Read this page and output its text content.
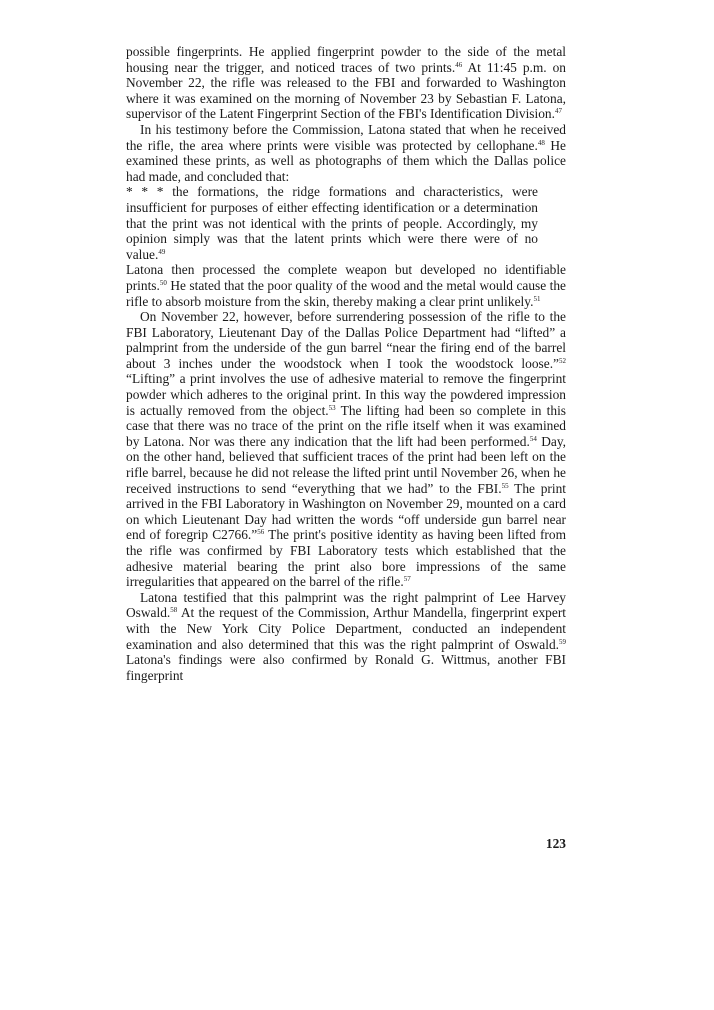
possible fingerprints. He applied fingerprint powder to the side of the metal housing near the trigger, and noticed traces of two prints.$^{46}$ At 11:45 p.m. on November 22, the rifle was released to the FBI and forwarded to Washington where it was examined on the morning of November 23 by Sebastian F. Latona, supervisor of the Latent Fingerprint Section of the FBI's Identification Division.$^{47}$

In his testimony before the Commission, Latona stated that when he received the rifle, the area where prints were visible was protected by cellophane.$^{48}$ He examined these prints, as well as photographs of them which the Dallas police had made, and concluded that:

* * * the formations, the ridge formations and characteristics, were insufficient for purposes of either effecting identification or a determination that the print was not identical with the prints of people. Accordingly, my opinion simply was that the latent prints which were there were of no value.$^{49}$

Latona then processed the complete weapon but developed no identifiable prints.$^{50}$ He stated that the poor quality of the wood and the metal would cause the rifle to absorb moisture from the skin, thereby making a clear print unlikely.$^{51}$

On November 22, however, before surrendering possession of the rifle to the FBI Laboratory, Lieutenant Day of the Dallas Police Department had “lifted” a palmprint from the underside of the gun barrel “near the firing end of the barrel about 3 inches under the woodstock when I took the woodstock loose.”$^{52}$ “Lifting” a print involves the use of adhesive material to remove the fingerprint powder which adheres to the original print. In this way the powdered impression is actually removed from the object.$^{53}$ The lifting had been so complete in this case that there was no trace of the print on the rifle itself when it was examined by Latona. Nor was there any indication that the lift had been performed.$^{54}$ Day, on the other hand, believed that sufficient traces of the print had been left on the rifle barrel, because he did not release the lifted print until November 26, when he received instructions to send “everything that we had” to the FBI.$^{55}$ The print arrived in the FBI Laboratory in Washington on November 29, mounted on a card on which Lieutenant Day had written the words “off underside gun barrel near end of foregrip C2766.”$^{56}$ The print's positive identity as having been lifted from the rifle was confirmed by FBI Laboratory tests which established that the adhesive material bearing the print also bore impressions of the same irregularities that appeared on the barrel of the rifle.$^{57}$

Latona testified that this palmprint was the right palmprint of Lee Harvey Oswald.$^{58}$ At the request of the Commission, Arthur Mandella, fingerprint expert with the New York City Police Department, conducted an independent examination and also determined that this was the right palmprint of Oswald.$^{59}$ Latona's findings were also confirmed by Ronald G. Wittmus, another FBI fingerprint

123
